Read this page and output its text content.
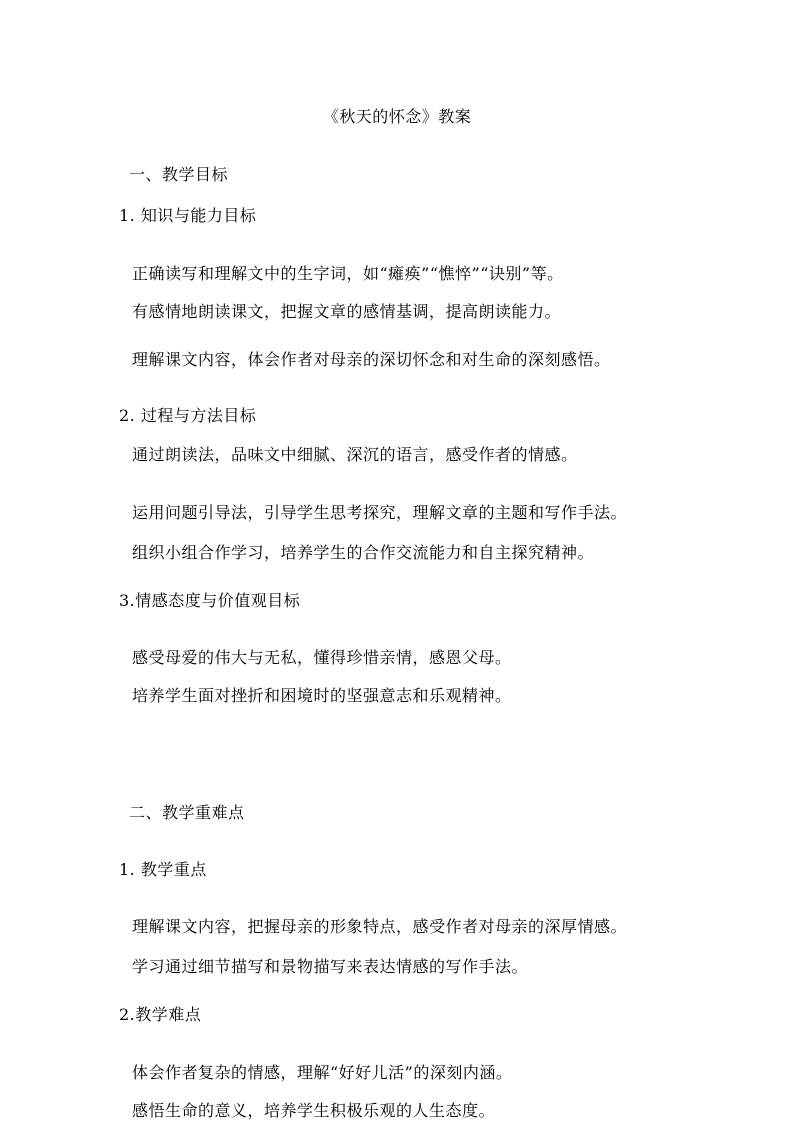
《秋天的怀念》教案
一、教学目标
1. 知识与能力目标
正确读写和理解文中的生字词，如“瘫痪”“憔悴”“诀别”等。
有感情地朗读课文，把握文章的感情基调，提高朗读能力。
理解课文内容，体会作者对母亲的深切怀念和对生命的深刻感悟。
2. 过程与方法目标
通过朗读法，品味文中细腻、深沉的语言，感受作者的情感。
运用问题引导法，引导学生思考探究，理解文章的主题和写作手法。
组织小组合作学习，培养学生的合作交流能力和自主探究精神。
3.情感态度与价值观目标
感受母爱的伟大与无私，懂得珍惜亲情，感恩父母。
培养学生面对挫折和困境时的坚强意志和乐观精神。
二、教学重难点
1. 教学重点
理解课文内容，把握母亲的形象特点，感受作者对母亲的深厚情感。
学习通过细节描写和景物描写来表达情感的写作手法。
2.教学难点
体会作者复杂的情感，理解“好好儿活”的深刻内涵。
感悟生命的意义，培养学生积极乐观的人生态度。
